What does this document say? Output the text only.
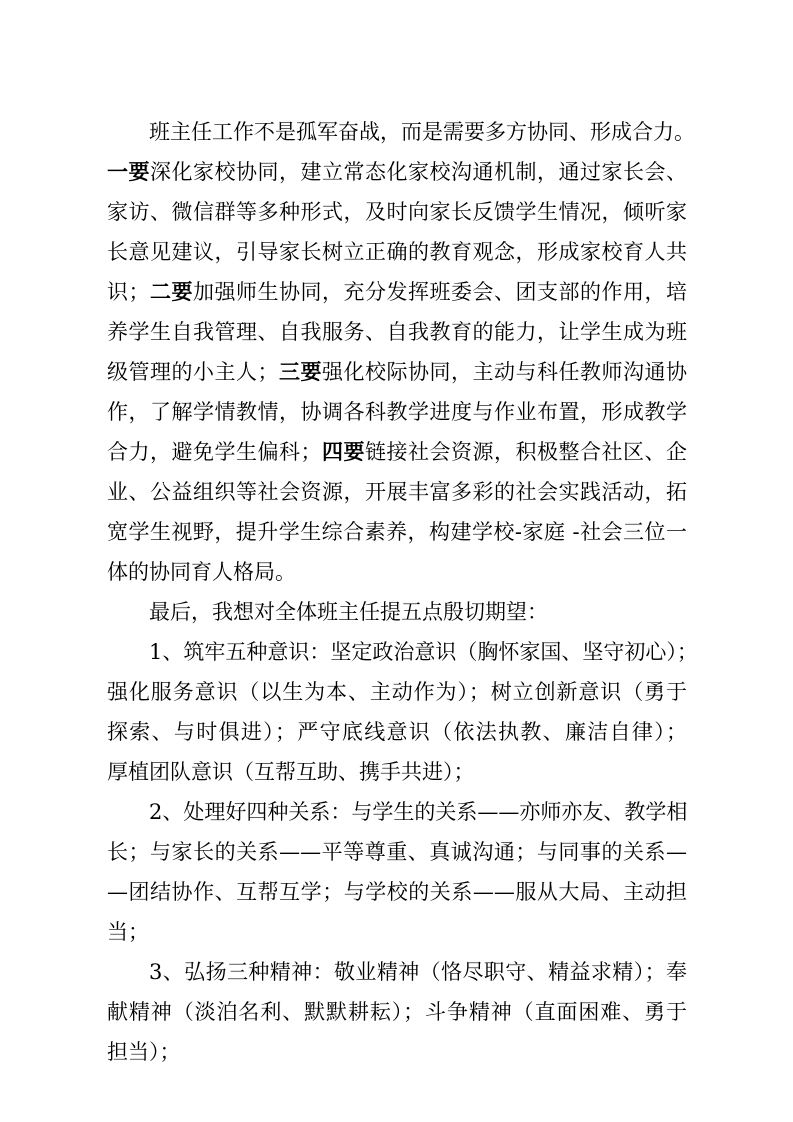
班主任工作不是孤军奋战，而是需要多方协同、形成合力。
一要深化家校协同，建立常态化家校沟通机制，通过家长会、
家访、微信群等多种形式，及时向家长反馈学生情况，倾听家
长意见建议，引导家长树立正确的教育观念，形成家校育人共
识；二要加强师生协同，充分发挥班委会、团支部的作用，培
养学生自我管理、自我服务、自我教育的能力，让学生成为班
级管理的小主人；三要强化校际协同，主动与科任教师沟通协
作，了解学情教情，协调各科教学进度与作业布置，形成教学
合力，避免学生偏科；四要链接社会资源，积极整合社区、企
业、公益组织等社会资源，开展丰富多彩的社会实践活动，拓
宽学生视野，提升学生综合素养，构建学校-家庭 -社会三位一
体的协同育人格局。
最后，我想对全体班主任提五点殷切期望：
1、筑牢五种意识：坚定政治意识（胸怀家国、坚守初心）；
强化服务意识（以生为本、主动作为）；树立创新意识（勇于
探索、与时俱进）；严守底线意识（依法执教、廉洁自律）；
厚植团队意识（互帮互助、携手共进）；
2、处理好四种关系：与学生的关系——亦师亦友、教学相
长；与家长的关系——平等尊重、真诚沟通；与同事的关系—
—团结协作、互帮互学；与学校的关系——服从大局、主动担
当；
3、弘扬三种精神：敬业精神（恪尽职守、精益求精）；奉
献精神（淡泊名利、默默耕耘）；斗争精神（直面困难、勇于
担当）；
